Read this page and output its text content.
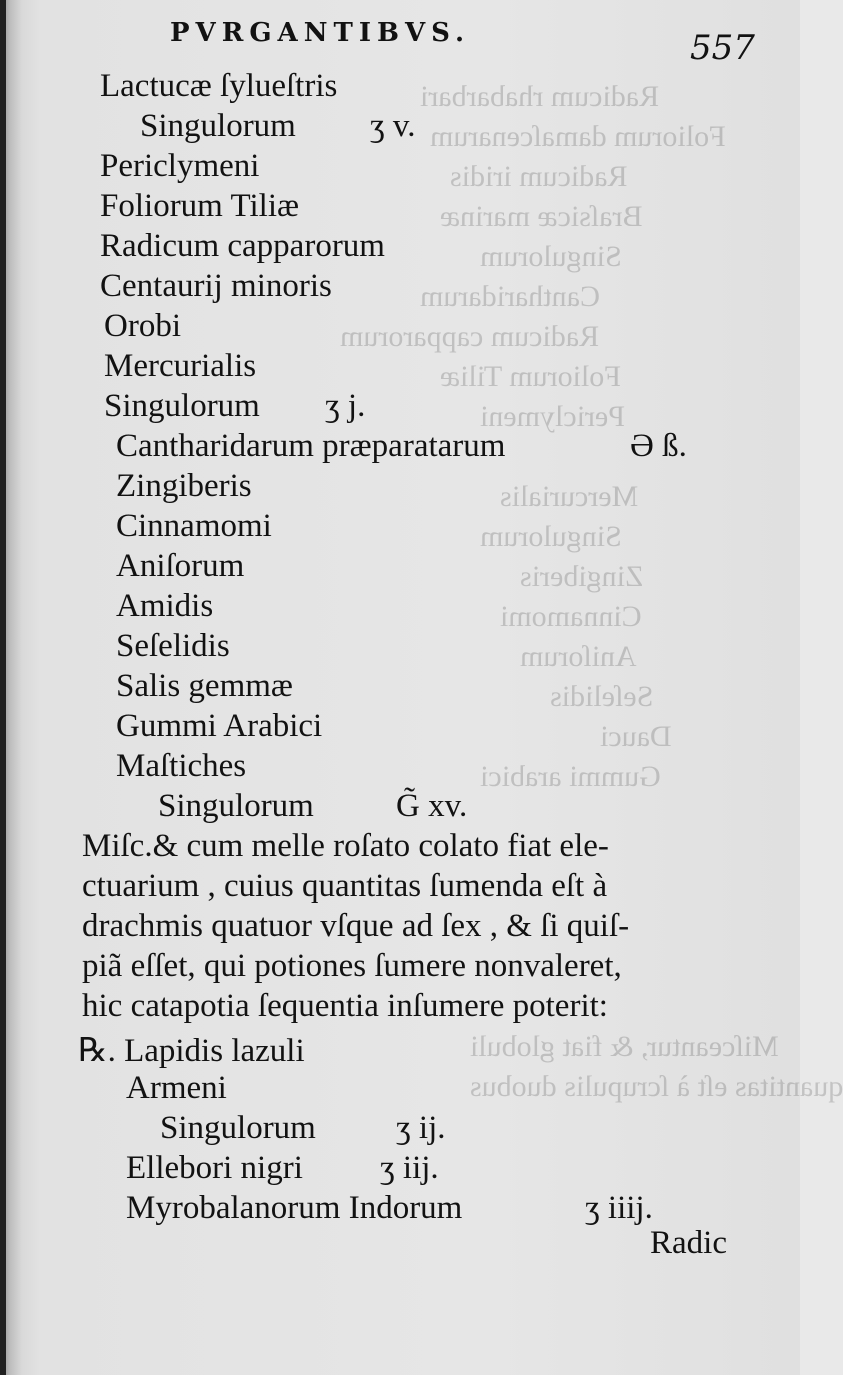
Radicum rhabarbari
Foliorum damaſcenarum
Radicum iridis
Braſsicæ marinæ
Singulorum
Cantharidarum
Radicum capparorum
Foliorum Tiliæ
Periclymeni
Mercurialis
Singulorum
Zingiberis
Cinnamomi
Aniſorum
Seſelidis
Dauci
Gummi arabici
Miſceantur, & fiat globuli
quantitas eſt à ſcrupulis duobus
PVRGANTIBVS.	557
Lactucæ ſylueſtris
Singulorum ʒ v.
Periclymeni
Foliorum Tiliæ
Radicum capparorum
Centaurij minoris
Orobi
Mercurialis
Singulorum ʒ j.
Cantharidarum præparatarum	Ə ß.
Zingiberis
Cinnamomi
Aniſorum
Amidis
Seſelidis
Salis gemmæ
Gummi Arabici
Maſtiches
Singulorum G̃ xv.
Miſc.& cum melle roſato colato fiat ele-
ctuarium , cuius quantitas ſumenda eſt à
drachmis quatuor vſque ad ſex , & ſi quiſ-
piã eſſet, qui potiones ſumere nonvaleret,
hic catapotia ſequentia inſumere poterit:
℞. Lapidis lazuli
Armeni
Singulorum ʒ ij.
Ellebori nigri ʒ iij.
Myrobalanorum Indorum	ʒ iiij.
Radic
